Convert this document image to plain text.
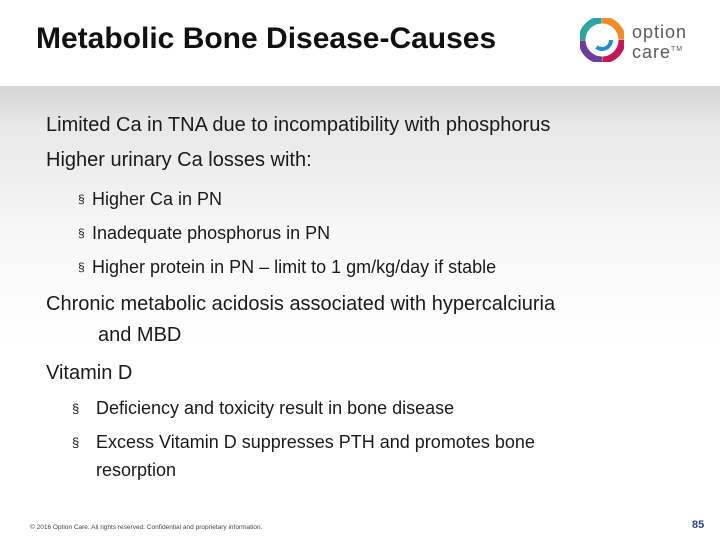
Metabolic Bone Disease-Causes	option
care™
Limited Ca in TNA due to incompatibility with phosphorus
Higher urinary Ca losses with:
§ Higher Ca in PN
§ Inadequate phosphorus in PN
§ Higher protein in PN – limit to 1 gm/kg/day if stable
Chronic metabolic acidosis associated with hypercalciuria
and MBD
Vitamin D
§ Deficiency and toxicity result in bone disease
§ Excess Vitamin D suppresses PTH and promotes bone
resorption
© 2016 Option Care. All rights reserved. Confidential and proprietary information.	85
